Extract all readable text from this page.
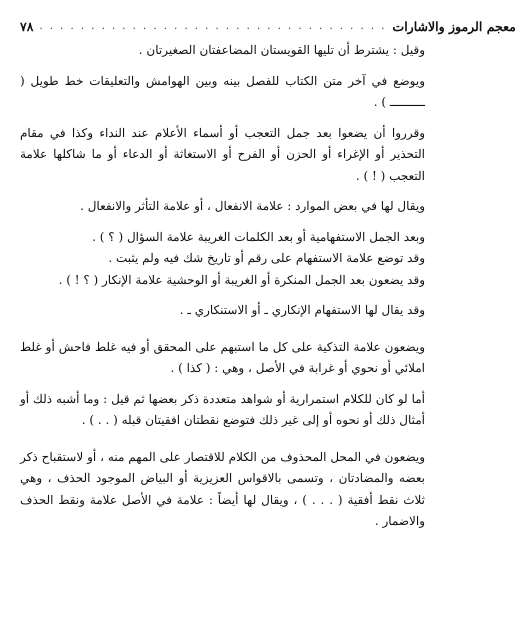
٧٨ . . . . . . . . . . . . . . . . . . . . . . . . . . . . . . . . . . معجم الرموز والاشارات

وقيل : يشترط أن تليها القويستان المضاعفتان الصغيرتان .

ويوضع في آخر متن الكتاب للفصل بينه وبين الهوامش والتعليقات خط طويل ( ــــــــــ ) .

وقرروا أن يضعوا بعد جمل التعجب أو أسماء الأعلام عند النداء وكذا في مقام التحذير أو الإغراء أو الحزن أو الفرح أو الاستغاثة أو الدعاء أو ما شاكلها علامة التعجب ( ! ) .

ويقال لها في بعض الموارد : علامة الانفعال ، أو علامة التأثر والانفعال .

وبعد الجمل الاستفهامية أو بعد الكلمات الغريبة علامة السؤال ( ؟ ) .

وقد توضع علامة الاستفهام على رقم أو تاريخ شك فيه ولم يثبت .

وقد يضعون بعد الجمل المنكرة أو الغريبة أو الوحشية علامة الإنكار ( ؟ ! ) .

وقد يقال لها الاستفهام الإنكاري ـ أو الاستنكاري ـ .

ويضعون علامة التذكية على كل ما استبهم على المحقق أو فيه غلط فاحش أو غلط املائي أو نحوي أو غرابة في الأصل ، وهي : ( كذا ) .

أما لو كان للكلام استمرارية أو شواهد متعددة ذكر بعضها ثم قيل : وما أشبه ذلك أو أمثال ذلك أو نحوه أو إلى غير ذلك فتوضع نقطتان افقيتان قبله ( . . ) .

ويضعون في المحل المحذوف من الكلام للاقتصار على المهم منه ، أو لاستقباح ذكر بعضه والمضادتان ، وتسمى بالاقواس العزيزية أو البياض الموجود الحذف ، وهي ثلاث نقط أفقية ( . . . ) ، ويقال لها أيضاً : علامة في الأصل علامة ونقط الحذف والاضمار .
